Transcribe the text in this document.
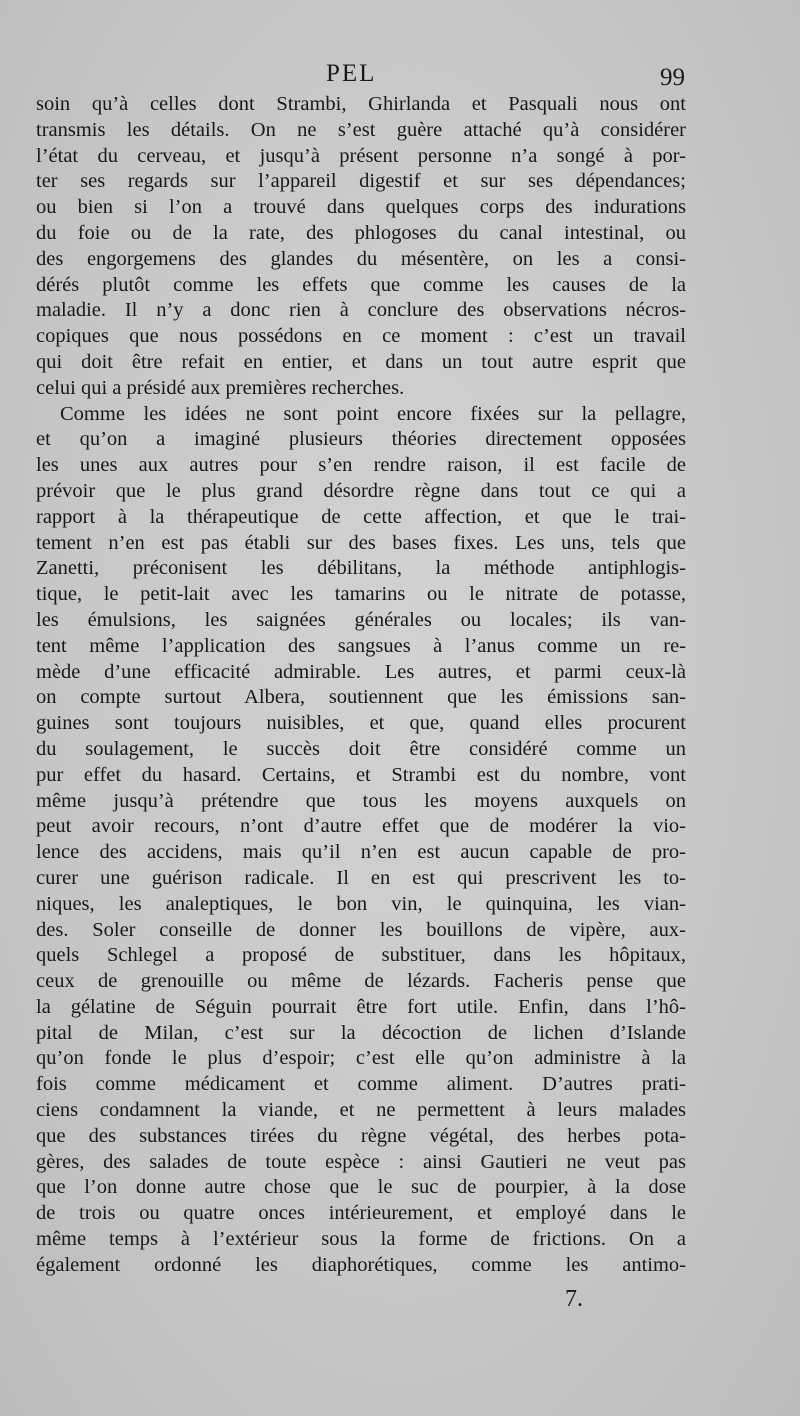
PEL	99
soin qu’à celles dont Strambi, Ghirlanda et Pasquali nous ont
transmis les détails. On ne s’est guère attaché qu’à considérer
l’état du cerveau, et jusqu’à présent personne n’a songé à por-
ter ses regards sur l’appareil digestif et sur ses dépendances;
ou bien si l’on a trouvé dans quelques corps des indurations
du foie ou de la rate, des phlogoses du canal intestinal, ou
des engorgemens des glandes du mésentère, on les a consi-
dérés plutôt comme les effets que comme les causes de la
maladie. Il n’y a donc rien à conclure des observations nécros-
copiques que nous possédons en ce moment : c’est un travail
qui doit être refait en entier, et dans un tout autre esprit que
celui qui a présidé aux premières recherches.
Comme les idées ne sont point encore fixées sur la pellagre,
et qu’on a imaginé plusieurs théories directement opposées
les unes aux autres pour s’en rendre raison, il est facile de
prévoir que le plus grand désordre règne dans tout ce qui a
rapport à la thérapeutique de cette affection, et que le trai-
tement n’en est pas établi sur des bases fixes. Les uns, tels que
Zanetti, préconisent les débilitans, la méthode antiphlogis-
tique, le petit-lait avec les tamarins ou le nitrate de potasse,
les émulsions, les saignées générales ou locales; ils van-
tent même l’application des sangsues à l’anus comme un re-
mède d’une efficacité admirable. Les autres, et parmi ceux-là
on compte surtout Albera, soutiennent que les émissions san-
guines sont toujours nuisibles, et que, quand elles procurent
du soulagement, le succès doit être considéré comme un
pur effet du hasard. Certains, et Strambi est du nombre, vont
même jusqu’à prétendre que tous les moyens auxquels on
peut avoir recours, n’ont d’autre effet que de modérer la vio-
lence des accidens, mais qu’il n’en est aucun capable de pro-
curer une guérison radicale. Il en est qui prescrivent les to-
niques, les analeptiques, le bon vin, le quinquina, les vian-
des. Soler conseille de donner les bouillons de vipère, aux-
quels Schlegel a proposé de substituer, dans les hôpitaux,
ceux de grenouille ou même de lézards. Facheris pense que
la gélatine de Séguin pourrait être fort utile. Enfin, dans l’hô-
pital de Milan, c’est sur la décoction de lichen d’Islande
qu’on fonde le plus d’espoir; c’est elle qu’on administre à la
fois comme médicament et comme aliment. D’autres prati-
ciens condamnent la viande, et ne permettent à leurs malades
que des substances tirées du règne végétal, des herbes pota-
gères, des salades de toute espèce : ainsi Gautieri ne veut pas
que l’on donne autre chose que le suc de pourpier, à la dose
de trois ou quatre onces intérieurement, et employé dans le
même temps à l’extérieur sous la forme de frictions. On a
également ordonné les diaphorétiques, comme les antimo-
7.
